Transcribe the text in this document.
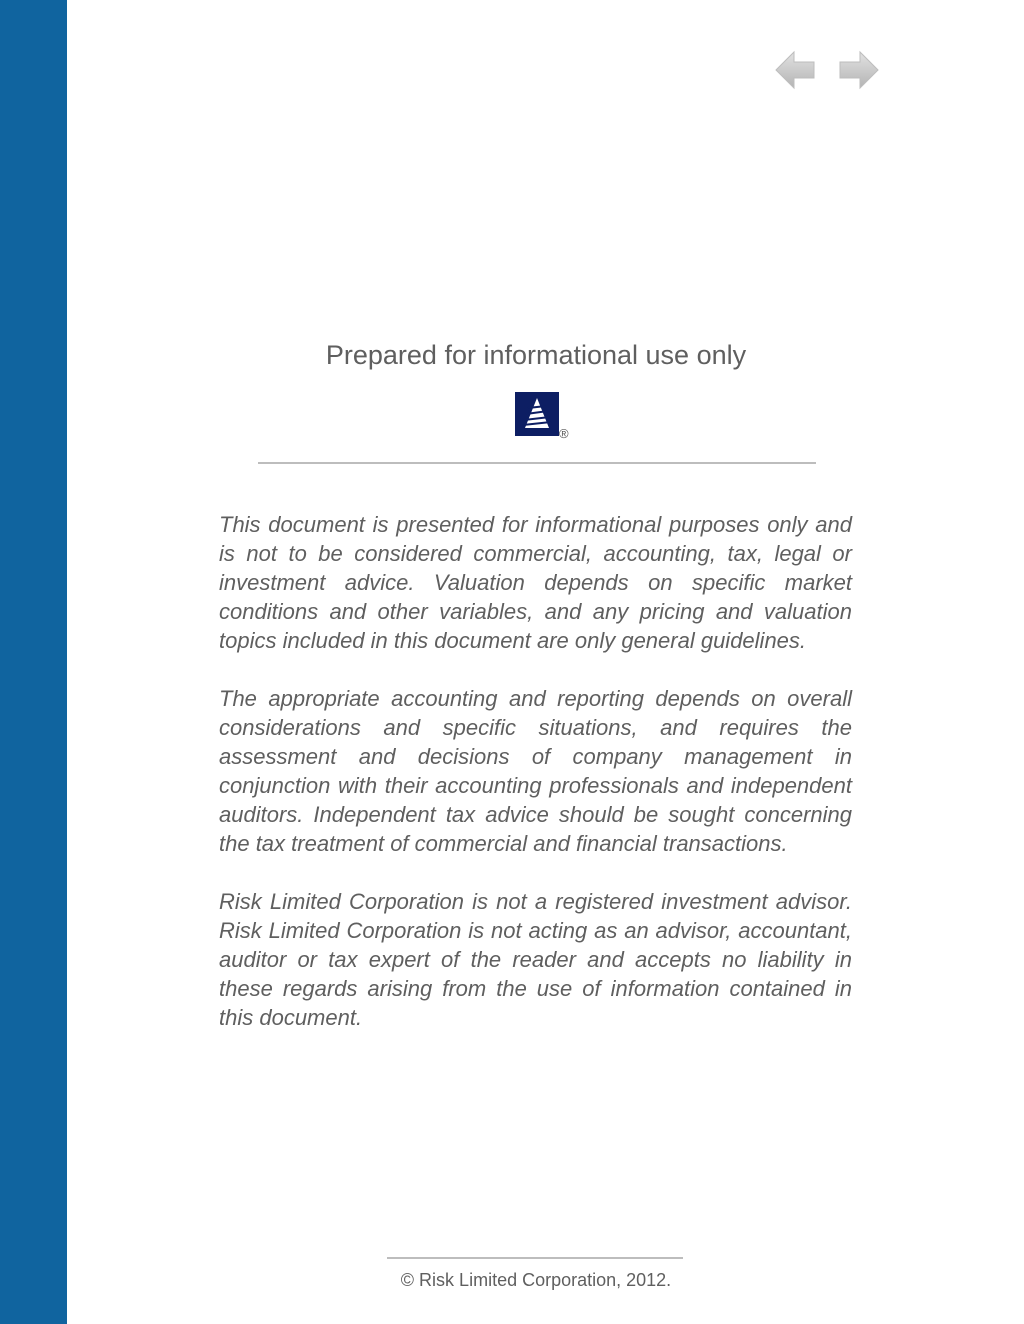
Prepared for informational use only
®

This document is presented for informational purposes only and is not to be considered commercial, accounting, tax, legal or investment advice. Valuation depends on specific market conditions and other variables, and any pricing and valuation topics included in this document are only general guidelines.

The appropriate accounting and reporting depends on overall considerations and specific situations, and requires the assessment and decisions of company management in conjunction with their accounting professionals and independent auditors. Independent tax advice should be sought concerning the tax treatment of commercial and financial transactions.

Risk Limited Corporation is not a registered investment advisor. Risk Limited Corporation is not acting as an advisor, accountant, auditor or tax expert of the reader and accepts no liability in these regards arising from the use of information contained in this document.

© Risk Limited Corporation, 2012.
